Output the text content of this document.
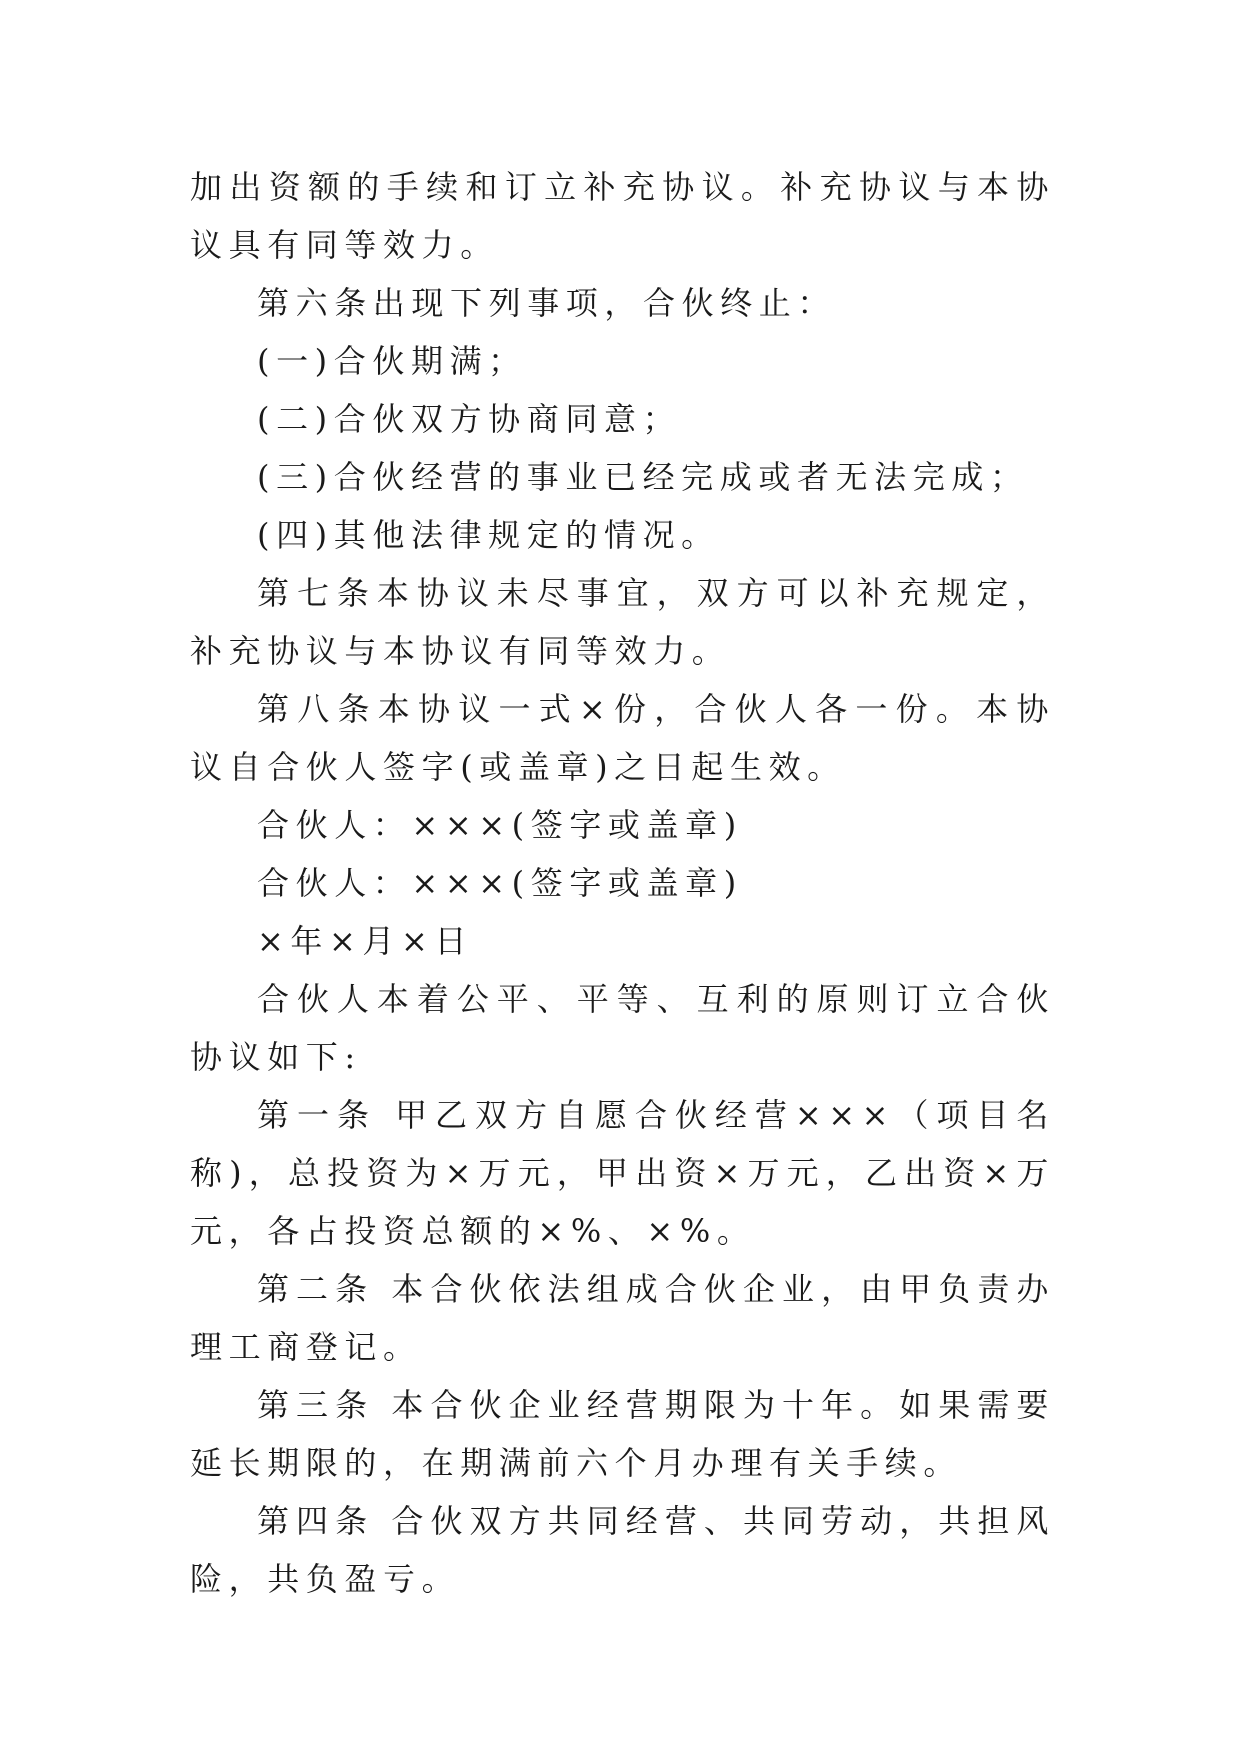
加出资额的手续和订立补充协议。补充协议与本协议具有同等效力。

第六条出现下列事项，合伙终止：

(一)合伙期满；

(二)合伙双方协商同意；

(三)合伙经营的事业已经完成或者无法完成；

(四)其他法律规定的情况。

第七条本协议未尽事宜，双方可以补充规定，补充协议与本协议有同等效力。

第八条本协议一式×份，合伙人各一份。本协议自合伙人签字(或盖章)之日起生效。

合伙人：×××(签字或盖章)

合伙人：×××(签字或盖章)

×年×月×日

合伙人本着公平、平等、互利的原则订立合伙协议如下:

第一条 甲乙双方自愿合伙经营×××（项目名称)，总投资为×万元，甲出资×万元，乙出资×万元，各占投资总额的×%、×%。

第二条 本合伙依法组成合伙企业，由甲负责办理工商登记。

第三条 本合伙企业经营期限为十年。如果需要延长期限的，在期满前六个月办理有关手续。

第四条 合伙双方共同经营、共同劳动，共担风险，共负盈亏。
